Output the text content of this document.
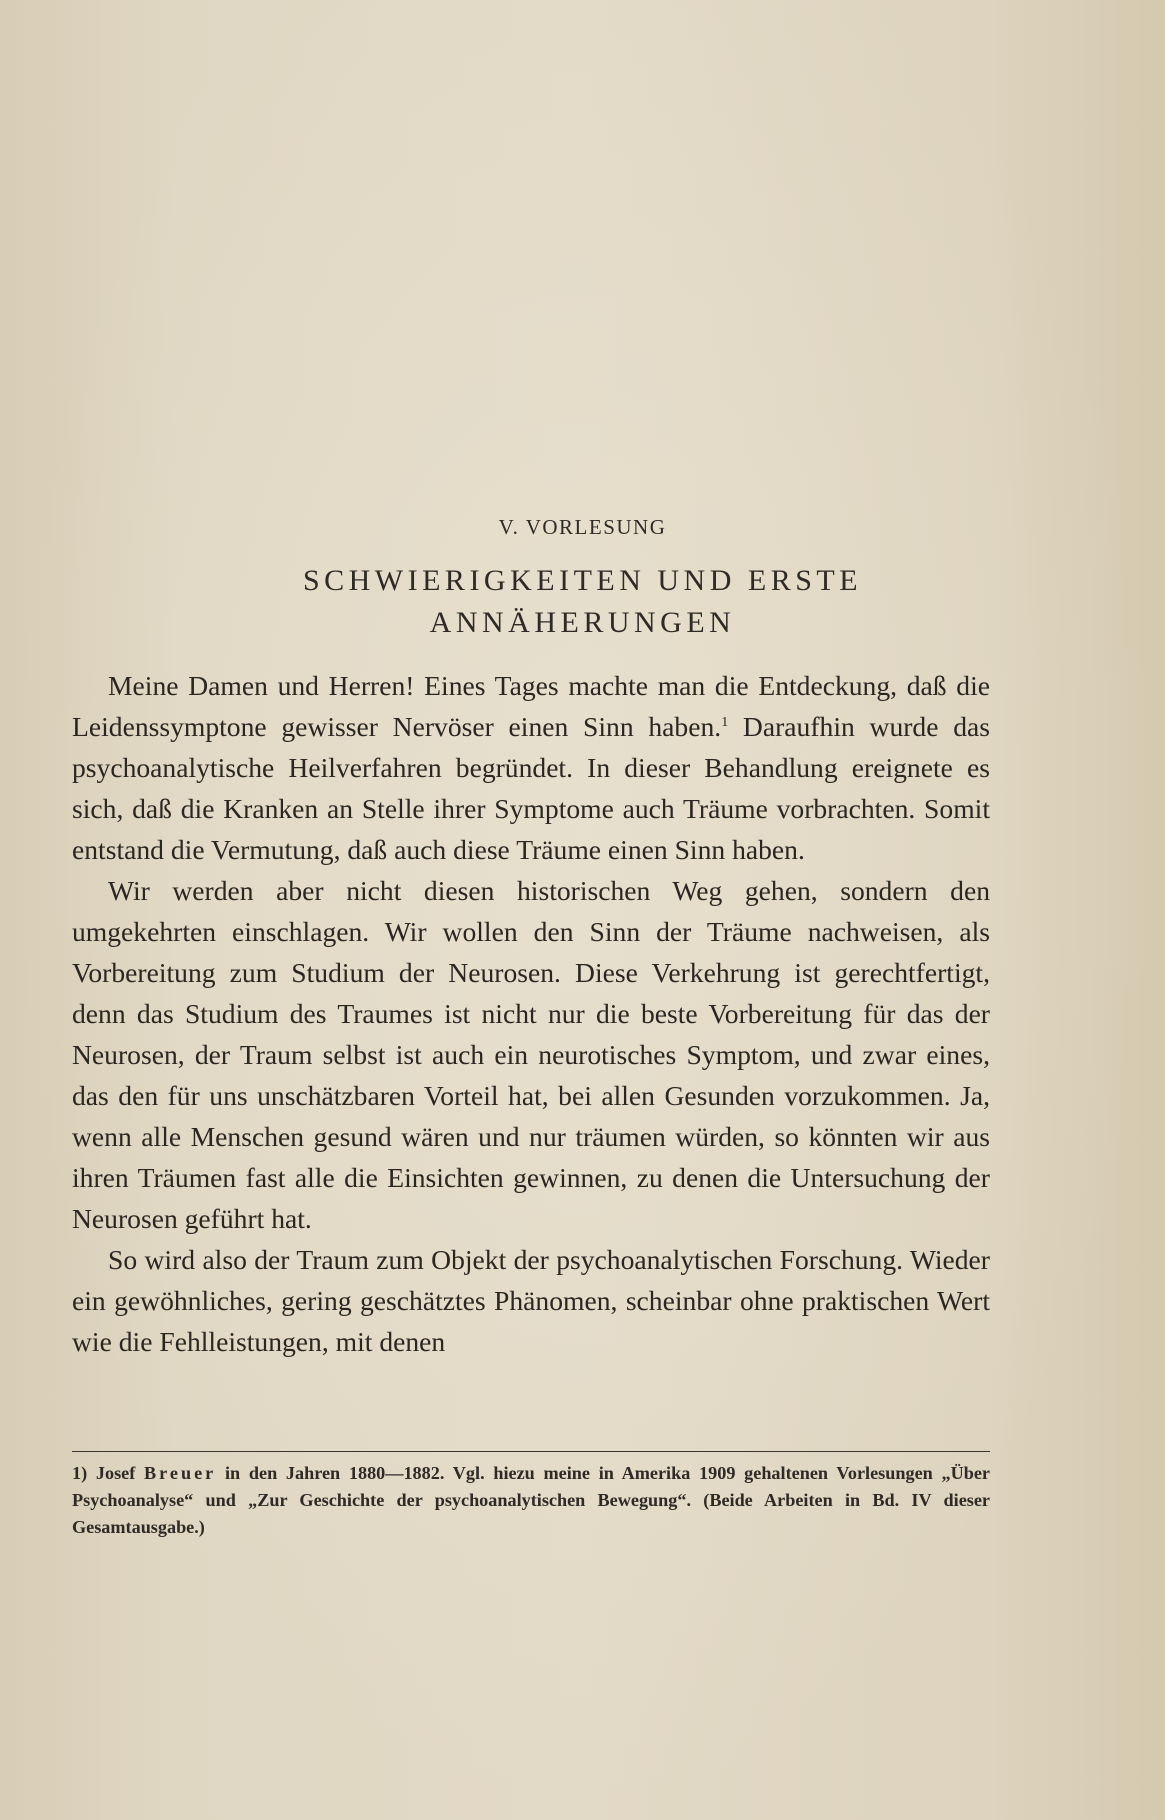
V. VORLESUNG
SCHWIERIGKEITEN UND ERSTE
ANNÄHERUNGEN

Meine Damen und Herren! Eines Tages machte man die Entdeckung, daß die Leidenssymptone gewisser Nervöser einen Sinn haben.$^1$ Daraufhin wurde das psychoanalytische Heilverfahren begründet. In dieser Behandlung ereignete es sich, daß die Kranken an Stelle ihrer Symptome auch Träume vorbrachten. Somit entstand die Vermutung, daß auch diese Träume einen Sinn haben.

Wir werden aber nicht diesen historischen Weg gehen, sondern den umgekehrten einschlagen. Wir wollen den Sinn der Träume nachweisen, als Vorbereitung zum Studium der Neurosen. Diese Verkehrung ist gerechtfertigt, denn das Studium des Traumes ist nicht nur die beste Vorbereitung für das der Neurosen, der Traum selbst ist auch ein neurotisches Symptom, und zwar eines, das den für uns unschätzbaren Vorteil hat, bei allen Gesunden vorzukommen. Ja, wenn alle Menschen gesund wären und nur träumen würden, so könnten wir aus ihren Träumen fast alle die Einsichten gewinnen, zu denen die Untersuchung der Neurosen geführt hat.

So wird also der Traum zum Objekt der psychoanalytischen Forschung. Wieder ein gewöhnliches, gering geschätztes Phänomen, scheinbar ohne praktischen Wert wie die Fehlleistungen, mit denen

1) Josef Breuer in den Jahren 1880—1882. Vgl. hiezu meine in Amerika 1909 gehaltenen Vorlesungen „Über Psychoanalyse“ und „Zur Geschichte der psychoanalytischen Bewegung“. (Beide Arbeiten in Bd. IV dieser Gesamtausgabe.)
